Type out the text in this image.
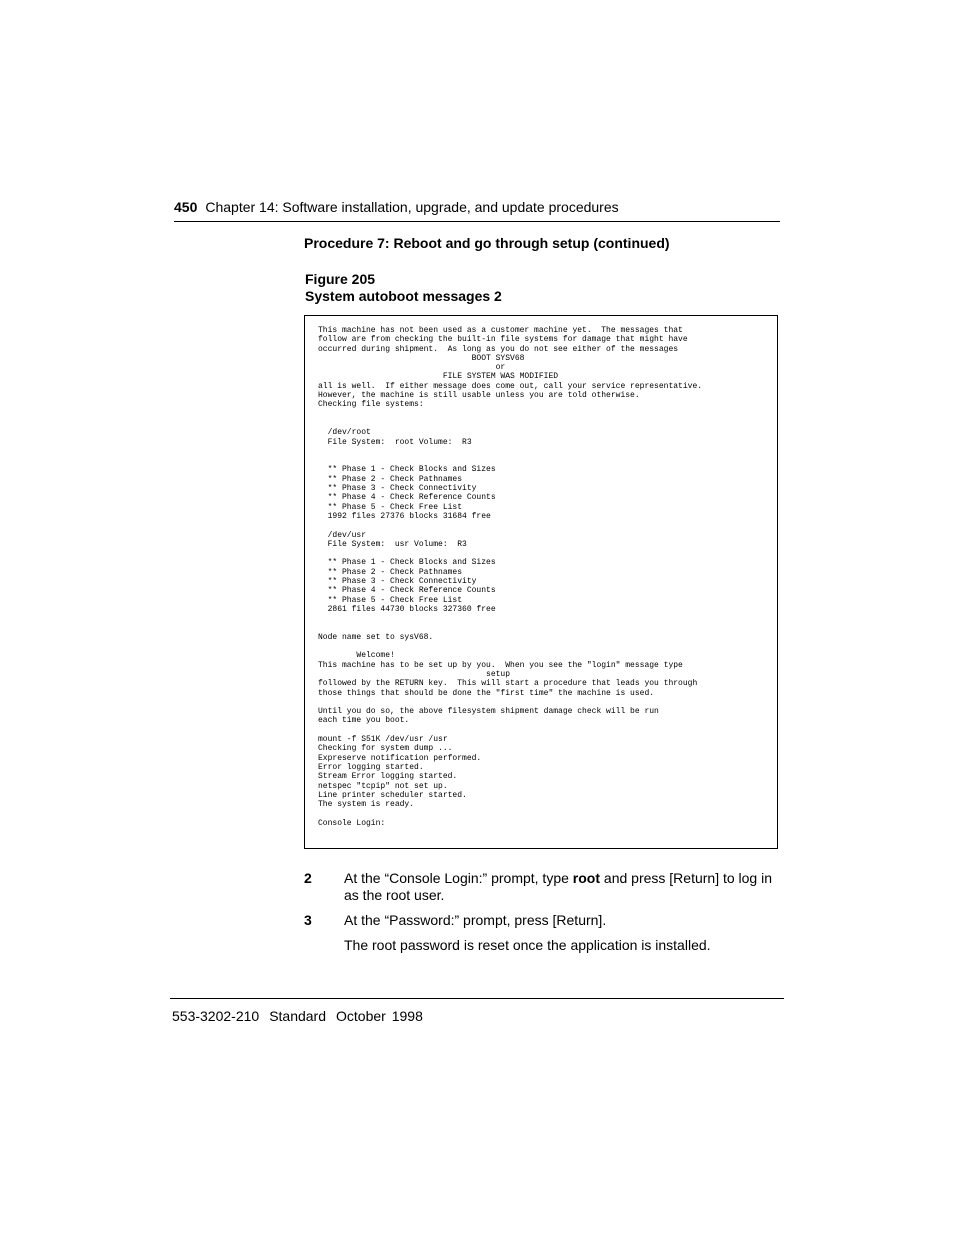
450 Chapter 14: Software installation, upgrade, and update procedures
Procedure 7: Reboot and go through setup (continued)
Figure 205
System autoboot messages 2
This machine has not been used as a customer machine yet.  The messages that
follow are from checking the built-in file systems for damage that might have
occurred during shipment.  As long as you do not see either of the messages
BOOT SYSV68
or
FILE SYSTEM WAS MODIFIED
all is well.  If either message does come out, call your service representative.
However, the machine is still usable unless you are told otherwise.
Checking file systems:

/dev/root
File System:  root Volume:  R3

** Phase 1 - Check Blocks and Sizes
** Phase 2 - Check Pathnames
** Phase 3 - Check Connectivity
** Phase 4 - Check Reference Counts
** Phase 5 - Check Free List
1992 files 27376 blocks 31684 free

/dev/usr
File System:  usr Volume:  R3

** Phase 1 - Check Blocks and Sizes
** Phase 2 - Check Pathnames
** Phase 3 - Check Connectivity
** Phase 4 - Check Reference Counts
** Phase 5 - Check Free List
2861 files 44730 blocks 327360 free

Node name set to sysV68.

Welcome!
This machine has to be set up by you.  When you see the "login" message type
setup
followed by the RETURN key.  This will start a procedure that leads you through
those things that should be done the "first time" the machine is used.

Until you do so, the above filesystem shipment damage check will be run
each time you boot.

mount -f S51K /dev/usr /usr
Checking for system dump ...
Expreserve notification performed.
Error logging started.
Stream Error logging started.
netspec "tcpip" not set up.
Line printer scheduler started.
The system is ready.

Console Login:
2	At the “Console Login:” prompt, type root and press [Return] to log in as the root user.
3	At the “Password:” prompt, press [Return].
The root password is reset once the application is installed.
553-3202-210 Standard October 1998
